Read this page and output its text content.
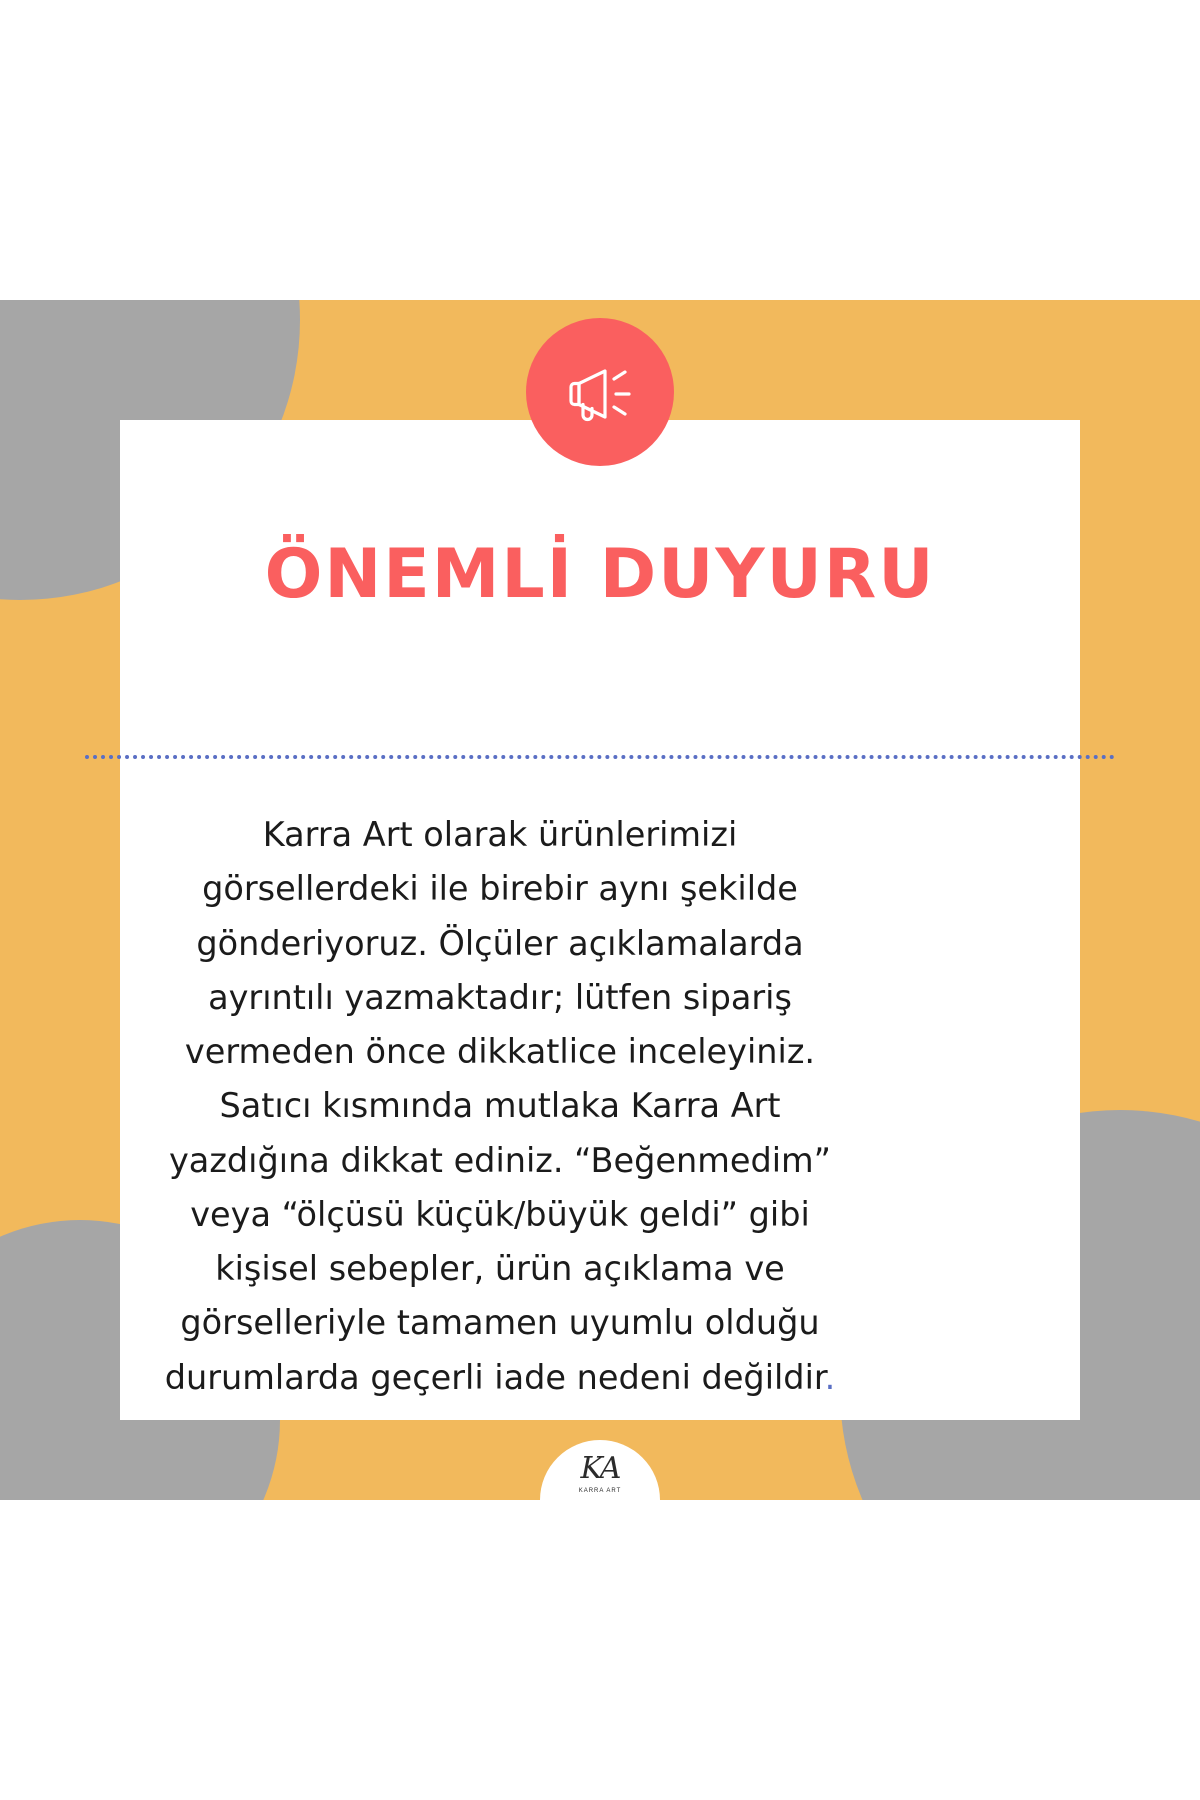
ÖNEMLİ DUYURU
Karra Art olarak ürünlerimizi görsellerdeki ile birebir aynı şekilde gönderiyoruz. Ölçüler açıklamalarda ayrıntılı yazmaktadır; lütfen sipariş vermeden önce dikkatlice inceleyiniz. Satıcı kısmında mutlaka Karra Art yazdığına dikkat ediniz. “Beğenmedim” veya “ölçüsü küçük/büyük geldi” gibi kişisel sebepler, ürün açıklama ve görselleriyle tamamen uyumlu olduğu durumlarda geçerli iade nedeni değildir.
KA
KARRA ART
